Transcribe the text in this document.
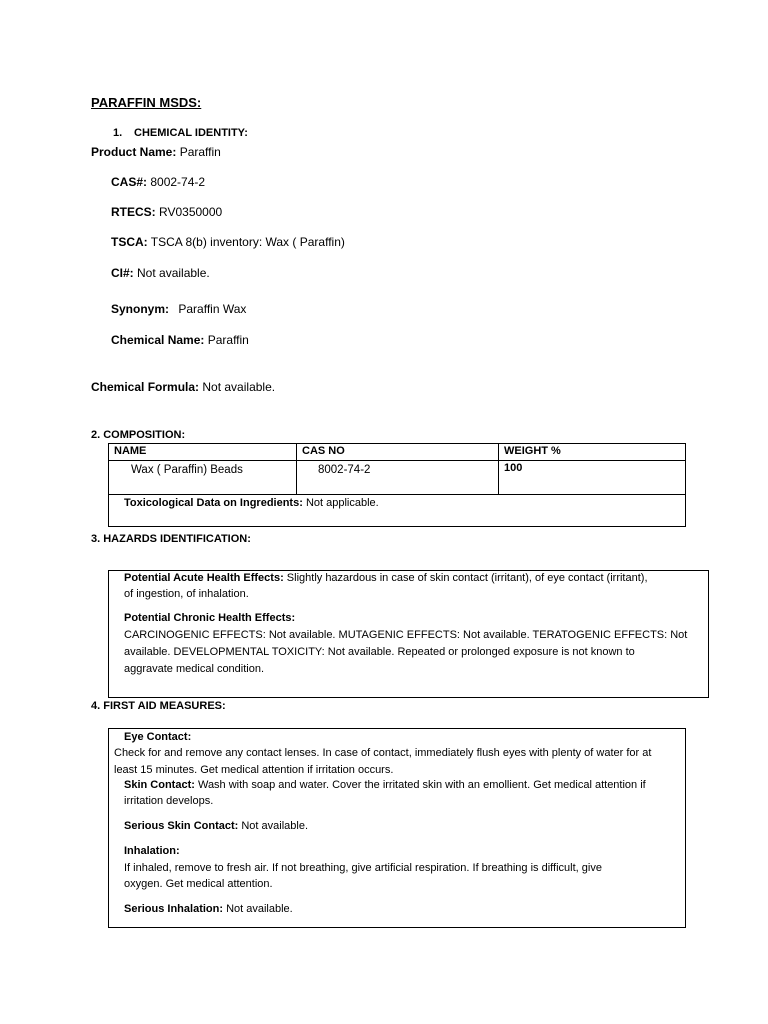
PARAFFIN MSDS:
1. CHEMICAL IDENTITY:
Product Name: Paraffin
CAS#: 8002-74-2
RTECS: RV0350000
TSCA: TSCA 8(b) inventory: Wax ( Paraffin)
CI#: Not available.
Synonym: Paraffin Wax
Chemical Name: Paraffin
Chemical Formula: Not available.
2. COMPOSITION:
NAME	CAS NO	WEIGHT %
Wax ( Paraffin) Beads	8002-74-2	100
Toxicological Data on Ingredients: Not applicable.
3. HAZARDS IDENTIFICATION:
Potential Acute Health Effects: Slightly hazardous in case of skin contact (irritant), of eye contact (irritant),
of ingestion, of inhalation.
Potential Chronic Health Effects:
CARCINOGENIC EFFECTS: Not available. MUTAGENIC EFFECTS: Not available. TERATOGENIC EFFECTS: Not
available. DEVELOPMENTAL TOXICITY: Not available. Repeated or prolonged exposure is not known to
aggravate medical condition.
4. FIRST AID MEASURES:
Eye Contact:
Check for and remove any contact lenses. In case of contact, immediately flush eyes with plenty of water for at
least 15 minutes. Get medical attention if irritation occurs.
Skin Contact: Wash with soap and water. Cover the irritated skin with an emollient. Get medical attention if
irritation develops.
Serious Skin Contact: Not available.
Inhalation:
If inhaled, remove to fresh air. If not breathing, give artificial respiration. If breathing is difficult, give
oxygen. Get medical attention.
Serious Inhalation: Not available.
